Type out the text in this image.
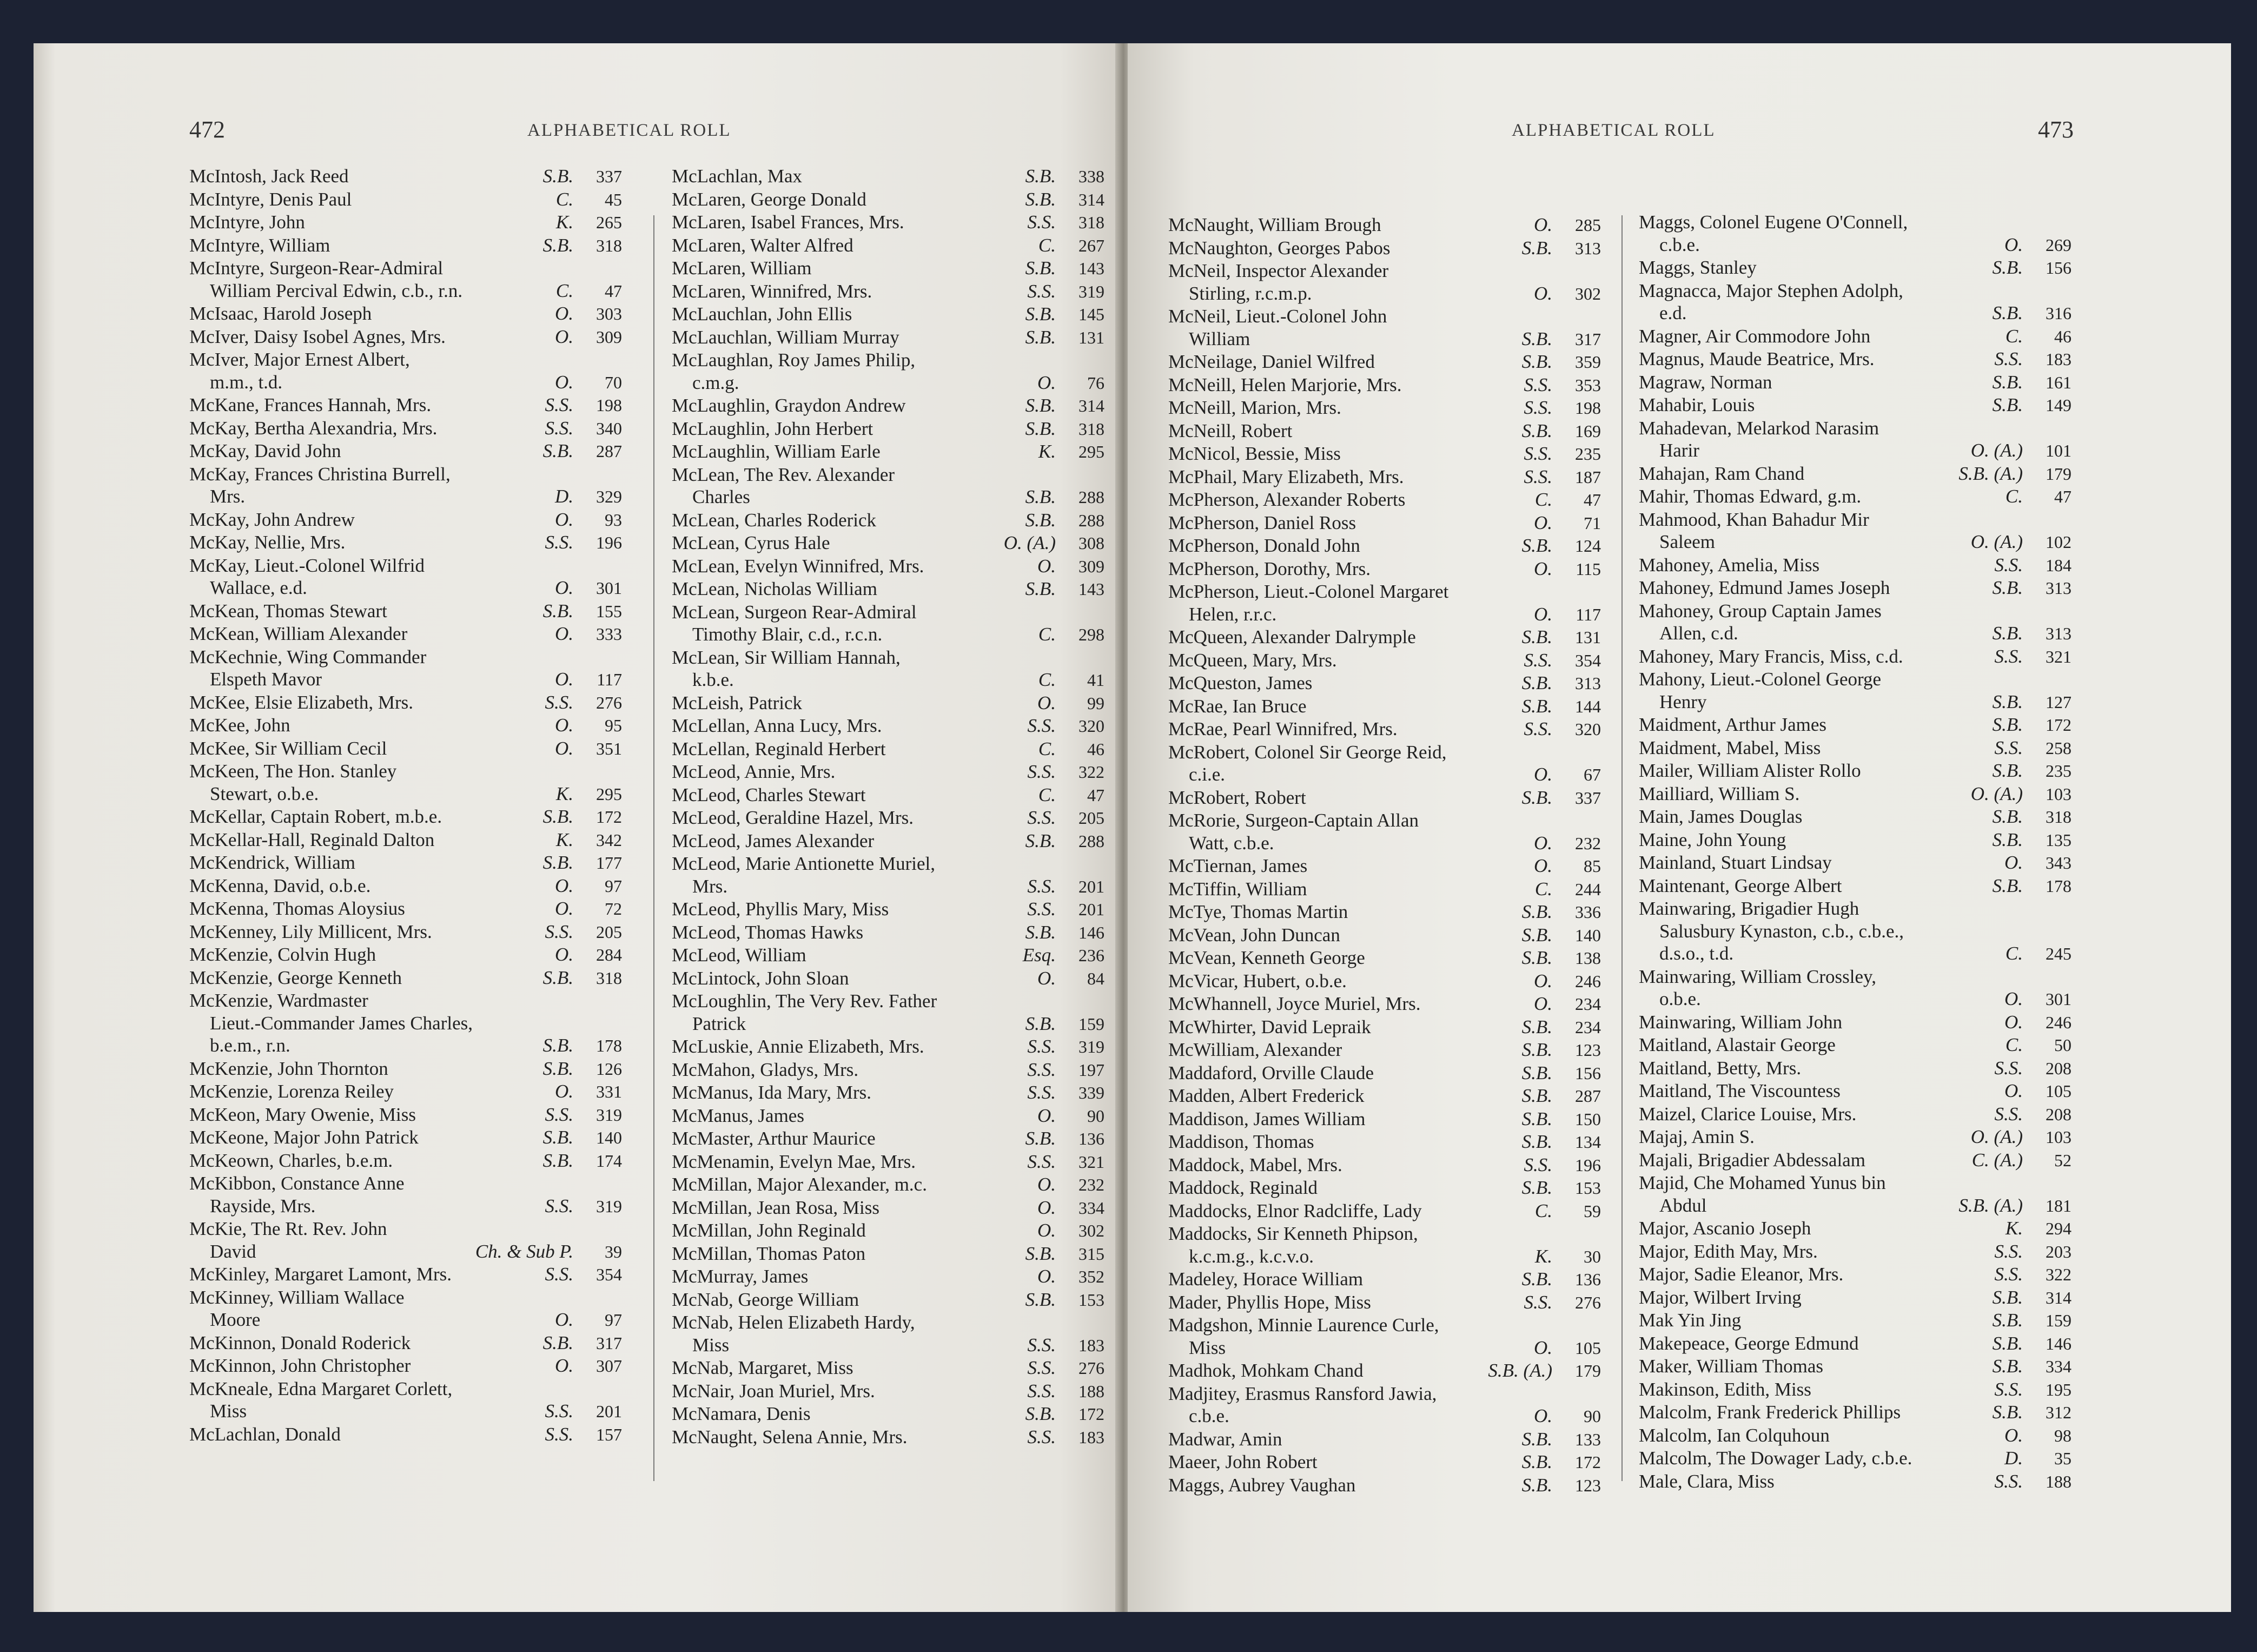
472	ALPHABETICAL ROLL	473
ALPHABETICAL ROLL
McIntosh, Jack Reed	S.B.	337
McIntyre, Denis Paul	C.	45
McIntyre, John	K.	265
McIntyre, William	S.B.	318
McIntyre, Surgeon-Rear-Admiral
William Percival Edwin, c.b., r.n.	C.	47
McIsaac, Harold Joseph	O.	303
McIver, Daisy Isobel Agnes, Mrs.	O.	309
McIver, Major Ernest Albert,
m.m., t.d.	O.	70
McKane, Frances Hannah, Mrs.	S.S.	198
McKay, Bertha Alexandria, Mrs.	S.S.	340
McKay, David John	S.B.	287
McKay, Frances Christina Burrell,
Mrs.	D.	329
McKay, John Andrew	O.	93
McKay, Nellie, Mrs.	S.S.	196
McKay, Lieut.-Colonel Wilfrid
Wallace, e.d.	O.	301
McKean, Thomas Stewart	S.B.	155
McKean, William Alexander	O.	333
McKechnie, Wing Commander
Elspeth Mavor	O.	117
McKee, Elsie Elizabeth, Mrs.	S.S.	276
McKee, John	O.	95
McKee, Sir William Cecil	O.	351
McKeen, The Hon. Stanley
Stewart, o.b.e.	K.	295
McKellar, Captain Robert, m.b.e.	S.B.	172
McKellar-Hall, Reginald Dalton	K.	342
McKendrick, William	S.B.	177
McKenna, David, o.b.e.	O.	97
McKenna, Thomas Aloysius	O.	72
McKenney, Lily Millicent, Mrs.	S.S.	205
McKenzie, Colvin Hugh	O.	284
McKenzie, George Kenneth	S.B.	318
McKenzie, Wardmaster
Lieut.-Commander James Charles,
b.e.m., r.n.	S.B.	178
McKenzie, John Thornton	S.B.	126
McKenzie, Lorenza Reiley	O.	331
McKeon, Mary Owenie, Miss	S.S.	319
McKeone, Major John Patrick	S.B.	140
McKeown, Charles, b.e.m.	S.B.	174
McKibbon, Constance Anne
Rayside, Mrs.	S.S.	319
McKie, The Rt. Rev. John
David	Ch. & Sub P.	39
McKinley, Margaret Lamont, Mrs.	S.S.	354
McKinney, William Wallace
Moore	O.	97
McKinnon, Donald Roderick	S.B.	317
McKinnon, John Christopher	O.	307
McKneale, Edna Margaret Corlett,
Miss	S.S.	201
McLachlan, Donald	S.S.	157
McLachlan, Max	S.B.	338
McLaren, George Donald	S.B.	314
McLaren, Isabel Frances, Mrs.	S.S.	318
McLaren, Walter Alfred	C.	267
McLaren, William	S.B.	143
McLaren, Winnifred, Mrs.	S.S.	319
McLauchlan, John Ellis	S.B.	145
McLauchlan, William Murray	S.B.	131
McLaughlan, Roy James Philip,
c.m.g.	O.	76
McLaughlin, Graydon Andrew	S.B.	314
McLaughlin, John Herbert	S.B.	318
McLaughlin, William Earle	K.	295
McLean, The Rev. Alexander
Charles	S.B.	288
McLean, Charles Roderick	S.B.	288
McLean, Cyrus Hale	O. (A.)	308
McLean, Evelyn Winnifred, Mrs.	O.	309
McLean, Nicholas William	S.B.	143
McLean, Surgeon Rear-Admiral
Timothy Blair, c.d., r.c.n.	C.	298
McLean, Sir William Hannah,
k.b.e.	C.	41
McLeish, Patrick	O.	99
McLellan, Anna Lucy, Mrs.	S.S.	320
McLellan, Reginald Herbert	C.	46
McLeod, Annie, Mrs.	S.S.	322
McLeod, Charles Stewart	C.	47
McLeod, Geraldine Hazel, Mrs.	S.S.	205
McLeod, James Alexander	S.B.	288
McLeod, Marie Antionette Muriel,
Mrs.	S.S.	201
McLeod, Phyllis Mary, Miss	S.S.	201
McLeod, Thomas Hawks	S.B.	146
McLeod, William	Esq.	236
McLintock, John Sloan	O.	84
McLoughlin, The Very Rev. Father
Patrick	S.B.	159
McLuskie, Annie Elizabeth, Mrs.	S.S.	319
McMahon, Gladys, Mrs.	S.S.	197
McManus, Ida Mary, Mrs.	S.S.	339
McManus, James	O.	90
McMaster, Arthur Maurice	S.B.	136
McMenamin, Evelyn Mae, Mrs.	S.S.	321
McMillan, Major Alexander, m.c.	O.	232
McMillan, Jean Rosa, Miss	O.	334
McMillan, John Reginald	O.	302
McMillan, Thomas Paton	S.B.	315
McMurray, James	O.	352
McNab, George William	S.B.	153
McNab, Helen Elizabeth Hardy,
Miss	S.S.	183
McNab, Margaret, Miss	S.S.	276
McNair, Joan Muriel, Mrs.	S.S.	188
McNamara, Denis	S.B.	172
McNaught, Selena Annie, Mrs.	S.S.	183
McNaught, William Brough	O.	285
McNaughton, Georges Pabos	S.B.	313
McNeil, Inspector Alexander
Stirling, r.c.m.p.	O.	302
McNeil, Lieut.-Colonel John
William	S.B.	317
McNeilage, Daniel Wilfred	S.B.	359
McNeill, Helen Marjorie, Mrs.	S.S.	353
McNeill, Marion, Mrs.	S.S.	198
McNeill, Robert	S.B.	169
McNicol, Bessie, Miss	S.S.	235
McPhail, Mary Elizabeth, Mrs.	S.S.	187
McPherson, Alexander Roberts	C.	47
McPherson, Daniel Ross	O.	71
McPherson, Donald John	S.B.	124
McPherson, Dorothy, Mrs.	O.	115
McPherson, Lieut.-Colonel Margaret
Helen, r.r.c.	O.	117
McQueen, Alexander Dalrymple	S.B.	131
McQueen, Mary, Mrs.	S.S.	354
McQueston, James	S.B.	313
McRae, Ian Bruce	S.B.	144
McRae, Pearl Winnifred, Mrs.	S.S.	320
McRobert, Colonel Sir George Reid,
c.i.e.	O.	67
McRobert, Robert	S.B.	337
McRorie, Surgeon-Captain Allan
Watt, c.b.e.	O.	232
McTiernan, James	O.	85
McTiffin, William	C.	244
McTye, Thomas Martin	S.B.	336
McVean, John Duncan	S.B.	140
McVean, Kenneth George	S.B.	138
McVicar, Hubert, o.b.e.	O.	246
McWhannell, Joyce Muriel, Mrs.	O.	234
McWhirter, David Lepraik	S.B.	234
McWilliam, Alexander	S.B.	123
Maddaford, Orville Claude	S.B.	156
Madden, Albert Frederick	S.B.	287
Maddison, James William	S.B.	150
Maddison, Thomas	S.B.	134
Maddock, Mabel, Mrs.	S.S.	196
Maddock, Reginald	S.B.	153
Maddocks, Elnor Radcliffe, Lady	C.	59
Maddocks, Sir Kenneth Phipson,
k.c.m.g., k.c.v.o.	K.	30
Madeley, Horace William	S.B.	136
Mader, Phyllis Hope, Miss	S.S.	276
Madgshon, Minnie Laurence Curle,
Miss	O.	105
Madhok, Mohkam Chand	S.B. (A.)	179
Madjitey, Erasmus Ransford Jawia,
c.b.e.	O.	90
Madwar, Amin	S.B.	133
Maeer, John Robert	S.B.	172
Maggs, Aubrey Vaughan	S.B.	123
Maggs, Colonel Eugene O'Connell,
c.b.e.	O.	269
Maggs, Stanley	S.B.	156
Magnacca, Major Stephen Adolph,
e.d.	S.B.	316
Magner, Air Commodore John	C.	46
Magnus, Maude Beatrice, Mrs.	S.S.	183
Magraw, Norman	S.B.	161
Mahabir, Louis	S.B.	149
Mahadevan, Melarkod Narasim
Harir	O. (A.)	101
Mahajan, Ram Chand	S.B. (A.)	179
Mahir, Thomas Edward, g.m.	C.	47
Mahmood, Khan Bahadur Mir
Saleem	O. (A.)	102
Mahoney, Amelia, Miss	S.S.	184
Mahoney, Edmund James Joseph	S.B.	313
Mahoney, Group Captain James
Allen, c.d.	S.B.	313
Mahoney, Mary Francis, Miss, c.d.	S.S.	321
Mahony, Lieut.-Colonel George
Henry	S.B.	127
Maidment, Arthur James	S.B.	172
Maidment, Mabel, Miss	S.S.	258
Mailer, William Alister Rollo	S.B.	235
Mailliard, William S.	O. (A.)	103
Main, James Douglas	S.B.	318
Maine, John Young	S.B.	135
Mainland, Stuart Lindsay	O.	343
Maintenant, George Albert	S.B.	178
Mainwaring, Brigadier Hugh
Salusbury Kynaston, c.b., c.b.e.,
d.s.o., t.d.	C.	245
Mainwaring, William Crossley,
o.b.e.	O.	301
Mainwaring, William John	O.	246
Maitland, Alastair George	C.	50
Maitland, Betty, Mrs.	S.S.	208
Maitland, The Viscountess	O.	105
Maizel, Clarice Louise, Mrs.	S.S.	208
Majaj, Amin S.	O. (A.)	103
Majali, Brigadier Abdessalam	C. (A.)	52
Majid, Che Mohamed Yunus bin
Abdul	S.B. (A.)	181
Major, Ascanio Joseph	K.	294
Major, Edith May, Mrs.	S.S.	203
Major, Sadie Eleanor, Mrs.	S.S.	322
Major, Wilbert Irving	S.B.	314
Mak Yin Jing	S.B.	159
Makepeace, George Edmund	S.B.	146
Maker, William Thomas	S.B.	334
Makinson, Edith, Miss	S.S.	195
Malcolm, Frank Frederick Phillips	S.B.	312
Malcolm, Ian Colquhoun	O.	98
Malcolm, The Dowager Lady, c.b.e.	D.	35
Male, Clara, Miss	S.S.	188
